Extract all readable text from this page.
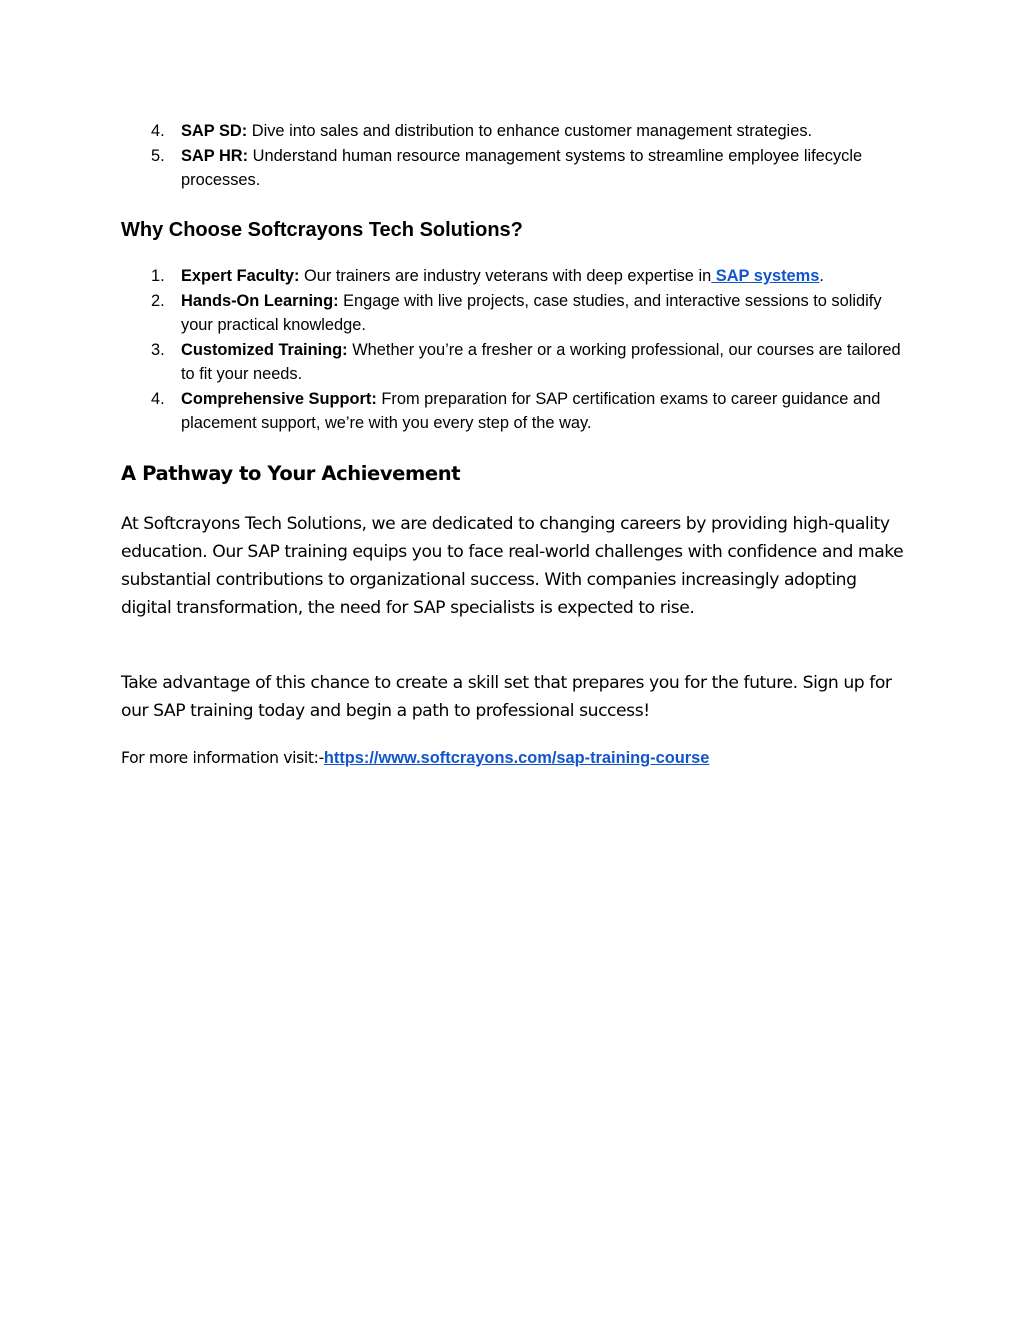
4. SAP SD: Dive into sales and distribution to enhance customer management strategies.
5. SAP HR: Understand human resource management systems to streamline employee lifecycle processes.
Why Choose Softcrayons Tech Solutions?
1. Expert Faculty: Our trainers are industry veterans with deep expertise in SAP systems.
2. Hands-On Learning: Engage with live projects, case studies, and interactive sessions to solidify your practical knowledge.
3. Customized Training: Whether you’re a fresher or a working professional, our courses are tailored to fit your needs.
4. Comprehensive Support: From preparation for SAP certification exams to career guidance and placement support, we’re with you every step of the way.
A Pathway to Your Achievement

At Softcrayons Tech Solutions, we are dedicated to changing careers by providing high-quality education. Our SAP training equips you to face real-world challenges with confidence and make substantial contributions to organizational success. With companies increasingly adopting digital transformation, the need for SAP specialists is expected to rise.

Take advantage of this chance to create a skill set that prepares you for the future. Sign up for our SAP training today and begin a path to professional success!

For more information visit:-https://www.softcrayons.com/sap-training-course
